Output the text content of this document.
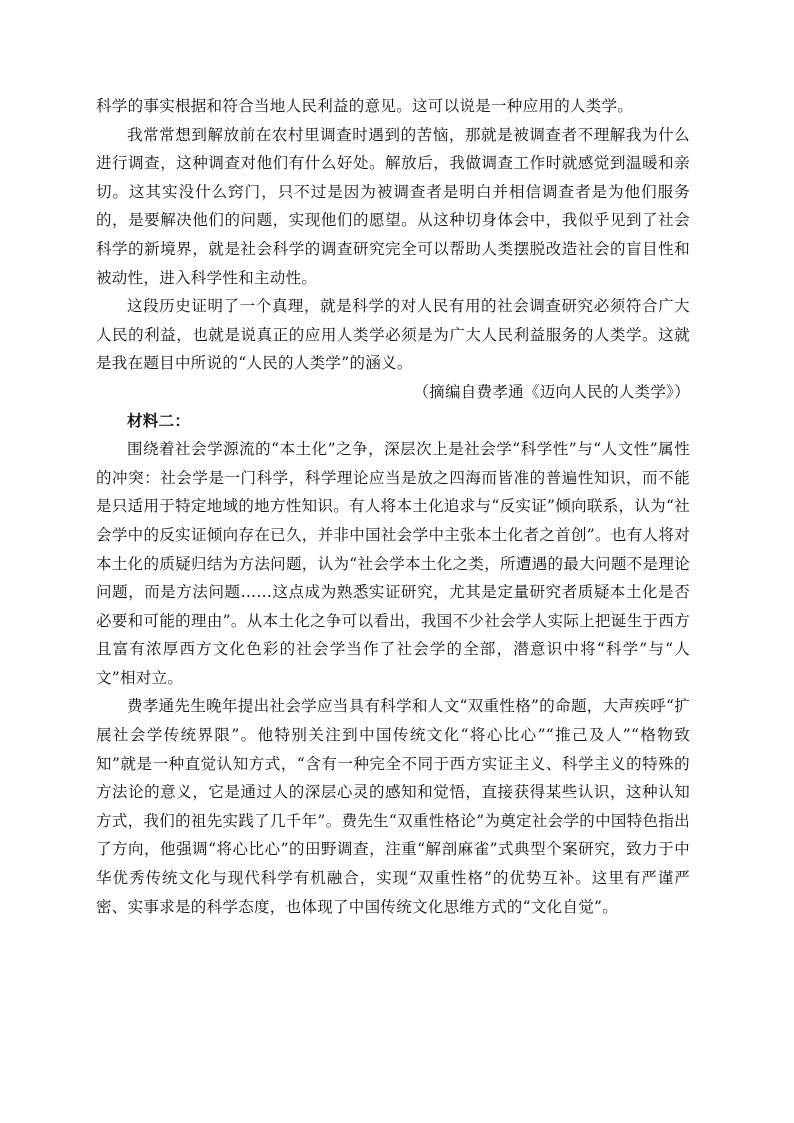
科学的事实根据和符合当地人民利益的意见。这可以说是一种应用的人类学。

我常常想到解放前在农村里调查时遇到的苦恼，那就是被调查者不理解我为什么进行调查，这种调查对他们有什么好处。解放后，我做调查工作时就感觉到温暖和亲切。这其实没什么窍门，只不过是因为被调查者是明白并相信调查者是为他们服务的，是要解决他们的问题，实现他们的愿望。从这种切身体会中，我似乎见到了社会科学的新境界，就是社会科学的调查研究完全可以帮助人类摆脱改造社会的盲目性和被动性，进入科学性和主动性。

这段历史证明了一个真理，就是科学的对人民有用的社会调查研究必须符合广大人民的利益，也就是说真正的应用人类学必须是为广大人民利益服务的人类学。这就是我在题目中所说的“人民的人类学”的涵义。

（摘编自费孝通《迈向人民的人类学》）

材料二：

围绕着社会学源流的“本土化”之争，深层次上是社会学“科学性”与“人文性”属性的冲突：社会学是一门科学，科学理论应当是放之四海而皆准的普遍性知识，而不能是只适用于特定地域的地方性知识。有人将本土化追求与“反实证”倾向联系，认为“社会学中的反实证倾向存在已久，并非中国社会学中主张本土化者之首创”。也有人将对本土化的质疑归结为方法问题，认为“社会学本土化之类，所遭遇的最大问题不是理论问题，而是方法问题……这点成为熟悉实证研究，尤其是定量研究者质疑本土化是否必要和可能的理由”。从本土化之争可以看出，我国不少社会学人实际上把诞生于西方且富有浓厚西方文化色彩的社会学当作了社会学的全部，潜意识中将“科学”与“人文”相对立。

费孝通先生晚年提出社会学应当具有科学和人文“双重性格”的命题，大声疾呼“扩展社会学传统界限”。他特别关注到中国传统文化“将心比心”“推己及人”“格物致知”就是一种直觉认知方式，“含有一种完全不同于西方实证主义、科学主义的特殊的方法论的意义，它是通过人的深层心灵的感知和觉悟，直接获得某些认识，这种认知方式，我们的祖先实践了几千年”。费先生“双重性格论”为奠定社会学的中国特色指出了方向，他强调“将心比心”的田野调查，注重“解剖麻雀”式典型个案研究，致力于中华优秀传统文化与现代科学有机融合，实现“双重性格”的优势互补。这里有严谨严密、实事求是的科学态度，也体现了中国传统文化思维方式的“文化自觉”。
